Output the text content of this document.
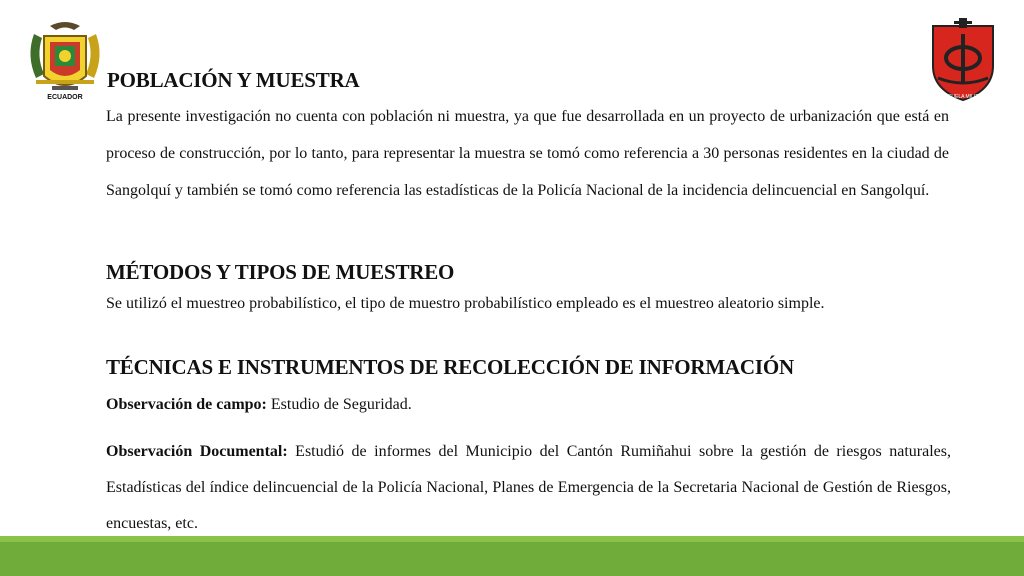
ECUADOR	ESCUELA MILITAR
POBLACIÓN Y MUESTRA
La presente investigación no cuenta con población ni muestra, ya que fue desarrollada en un proyecto de urbanización que está en proceso de construcción, por lo tanto, para representar la muestra se tomó como referencia a 30 personas residentes en la ciudad de Sangolquí y también se tomó como referencia las estadísticas de la Policía Nacional de la incidencia delincuencial en Sangolquí.
MÉTODOS Y TIPOS DE MUESTREO
Se utilizó el muestreo probabilístico, el tipo de muestro probabilístico empleado es el muestreo aleatorio simple.
TÉCNICAS E INSTRUMENTOS DE RECOLECCIÓN DE INFORMACIÓN
Observación de campo: Estudio de Seguridad.
Observación Documental: Estudió de informes del Municipio del Cantón Rumiñahui sobre la gestión de riesgos naturales, Estadísticas del índice delincuencial de la Policía Nacional, Planes de Emergencia de la Secretaria Nacional de Gestión de Riesgos, encuestas, etc.
